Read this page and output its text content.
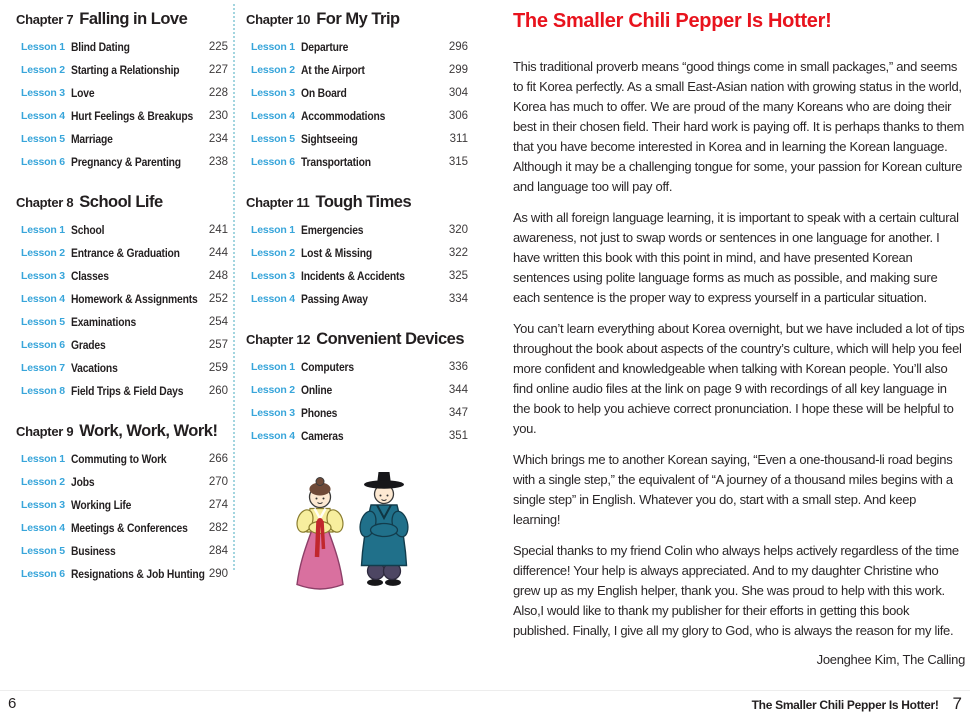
Chapter 7 Falling in Love
Lesson 1 Blind Dating	225
Lesson 2 Starting a Relationship	227
Lesson 3 Love	228
Lesson 4 Hurt Feelings & Breakups	230
Lesson 5 Marriage	234
Lesson 6 Pregnancy & Parenting	238
Chapter 8 School Life
Lesson 1 School	241
Lesson 2 Entrance & Graduation	244
Lesson 3 Classes	248
Lesson 4 Homework & Assignments 252
Lesson 5 Examinations	254
Lesson 6 Grades	257
Lesson 7 Vacations	259
Lesson 8 Field Trips & Field Days	260
Chapter 9 Work, Work, Work!
Lesson 1 Commuting to Work	266
Lesson 2 Jobs	270
Lesson 3 Working Life	274
Lesson 4 Meetings & Conferences	282
Lesson 5 Business	284
Lesson 6 Resignations & Job Hunting 290
Chapter 10 For My Trip
Lesson 1 Departure	296
Lesson 2 At the Airport	299
Lesson 3 On Board	304
Lesson 4 Accommodations	306
Lesson 5 Sightseeing	311
Lesson 6 Transportation	315
Chapter 11 Tough Times
Lesson 1 Emergencies	320
Lesson 2 Lost & Missing	322
Lesson 3 Incidents & Accidents	325
Lesson 4 Passing Away	334
Chapter 12 Convenient Devices
Lesson 1 Computers	336
Lesson 2 Online	344
Lesson 3 Phones	347
Lesson 4 Cameras	351
The Smaller Chili Pepper Is Hotter!

This traditional proverb means “good things come in small packages,” and seems to fit Korea perfectly. As a small East-Asian nation with growing status in the world, Korea has much to offer. We are proud of the many Koreans who are doing their best in their chosen field. Their hard work is paying off. It is perhaps thanks to them that you have become interested in Korea and in learning the Korean language. Although it may be a challenging tongue for some, your passion for Korean culture and language too will pay off.

As with all foreign language learning, it is important to speak with a certain cultural awareness, not just to swap words or sentences in one language for another. I have written this book with this point in mind, and have presented Korean sentences using polite language forms as much as possible, and making sure each sentence is the proper way to express yourself in a particular situation.

You can’t learn everything about Korea overnight, but we have included a lot of tips throughout the book about aspects of the country’s culture, which will help you feel more confident and knowledgeable when talking with Korean people. You’ll also find online audio files at the link on page 9 with recordings of all key language in the book to help you achieve correct pronunciation. I hope these will be helpful to you.

Which brings me to another Korean saying, “Even a one-thousand-li road begins with a single step,” the equivalent of “A journey of a thousand miles begins with a single step” in English. Whatever you do, start with a small step. And keep learning!

Special thanks to my friend Colin who always helps actively regardless of the time difference! Your help is always appreciated. And to my daughter Christine who grew up as my English helper, thank you. She was proud to help with this work. Also,I would like to thank my publisher for their efforts in getting this book published. Finally, I give all my glory to God, who is always the reason for my life.

Joenghee Kim, The Calling
6	The Smaller Chili Pepper Is Hotter! 7
